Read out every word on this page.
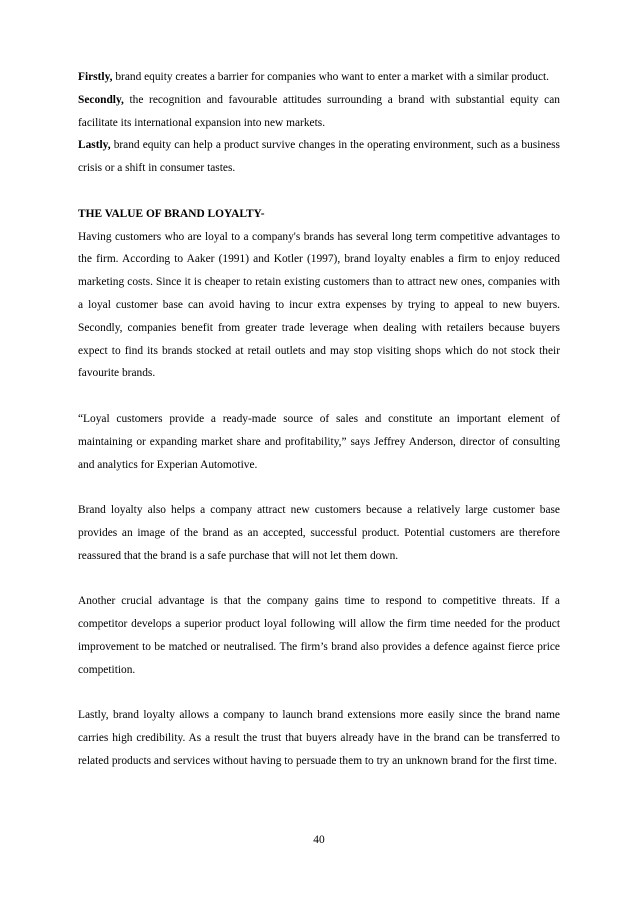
Firstly, brand equity creates a barrier for companies who want to enter a market with a similar product.

Secondly, the recognition and favourable attitudes surrounding a brand with substantial equity can facilitate its international expansion into new markets.

Lastly, brand equity can help a product survive changes in the operating environment, such as a business crisis or a shift in consumer tastes.

THE VALUE OF BRAND LOYALTY-

Having customers who are loyal to a company's brands has several long term competitive advantages to the firm. According to Aaker (1991) and Kotler (1997), brand loyalty enables a firm to enjoy reduced marketing costs. Since it is cheaper to retain existing customers than to attract new ones, companies with a loyal customer base can avoid having to incur extra expenses by trying to appeal to new buyers. Secondly, companies benefit from greater trade leverage when dealing with retailers because buyers expect to find its brands stocked at retail outlets and may stop visiting shops which do not stock their favourite brands.

“Loyal customers provide a ready-made source of sales and constitute an important element of maintaining or expanding market share and profitability,” says Jeffrey Anderson, director of consulting and analytics for Experian Automotive.

Brand loyalty also helps a company attract new customers because a relatively large customer base provides an image of the brand as an accepted, successful product. Potential customers are therefore reassured that the brand is a safe purchase that will not let them down.

Another crucial advantage is that the company gains time to respond to competitive threats. If a competitor develops a superior product loyal following will allow the firm time needed for the product improvement to be matched or neutralised. The firm’s brand also provides a defence against fierce price competition.

Lastly, brand loyalty allows a company to launch brand extensions more easily since the brand name carries high credibility. As a result the trust that buyers already have in the brand can be transferred to related products and services without having to persuade them to try an unknown brand for the first time.

40
